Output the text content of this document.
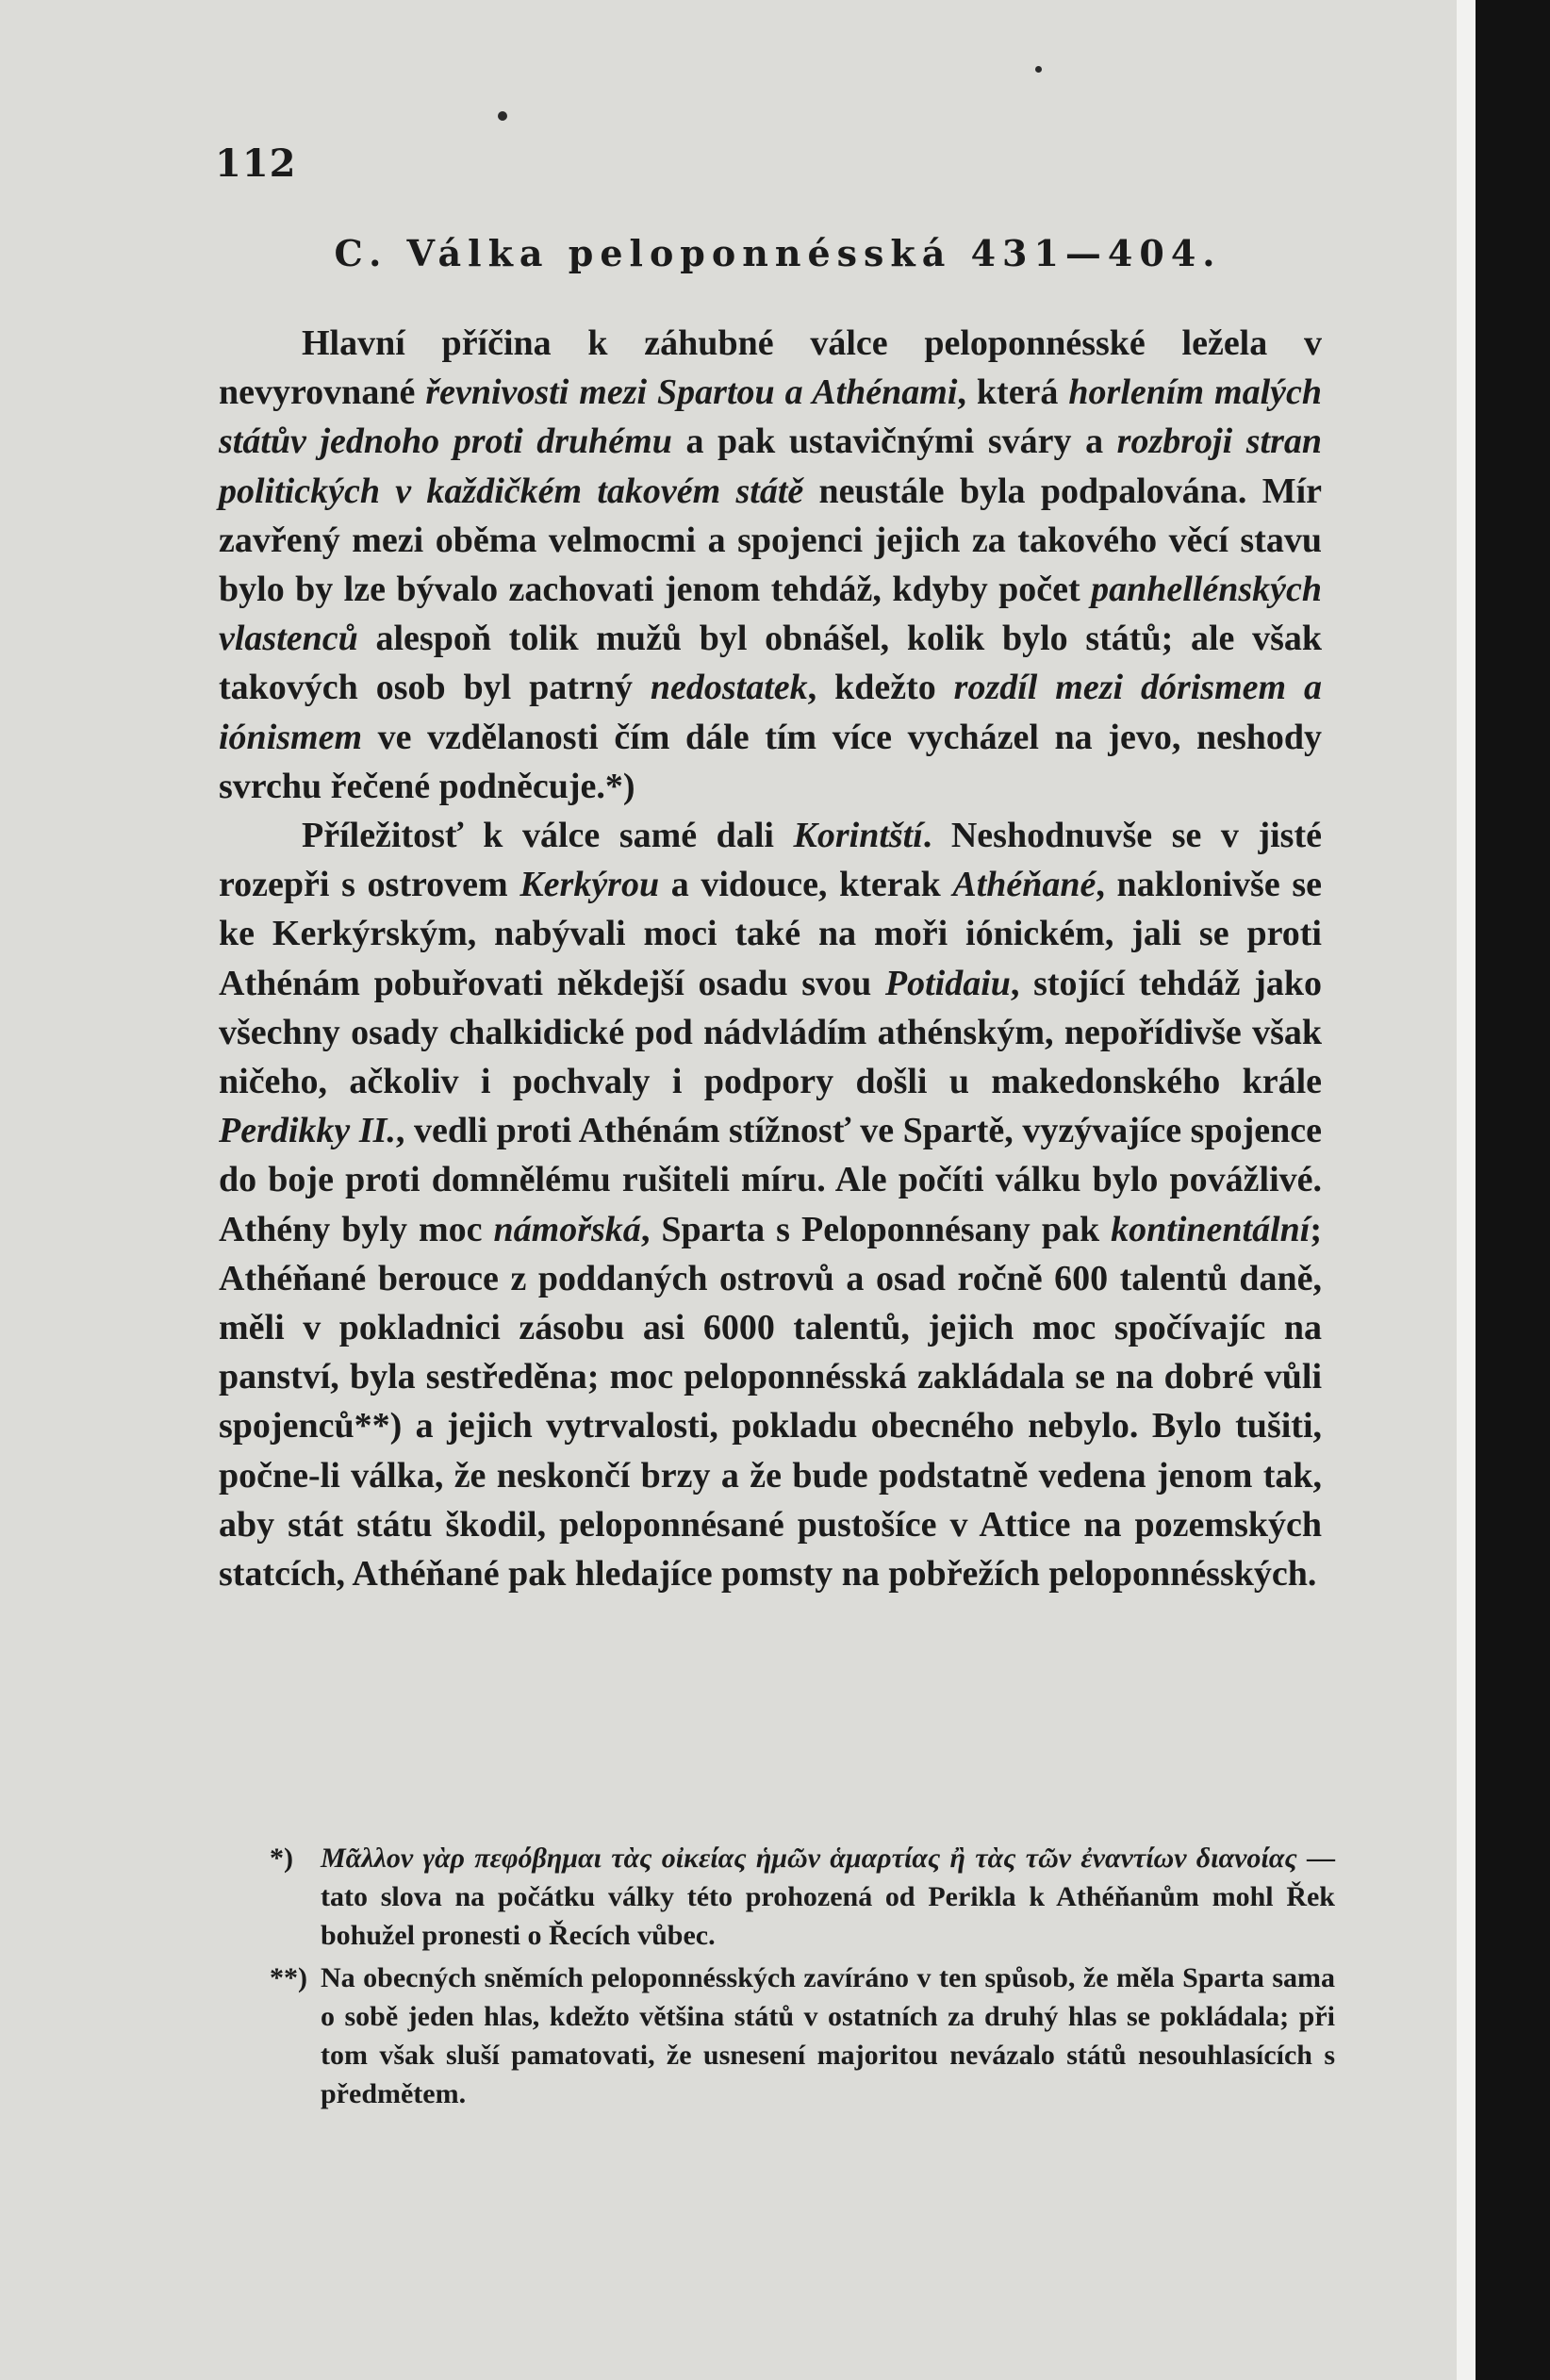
112
C. Válka peloponnésská 431—404.

Hlavní příčina k záhubné válce peloponnésské ležela v nevyrovnané řevnivosti mezi Spartou a Athénami, která horlením malých státův jednoho proti druhému a pak ustavičnými sváry a rozbroji stran politických v každičkém takovém státě neustále byla podpalována. Mír zavřený mezi oběma velmocmi a spojenci jejich za takového věcí stavu bylo by lze bývalo zachovati jenom tehdáž, kdyby počet panhellénských vlastenců alespoň tolik mužů byl obnášel, kolik bylo států; ale však takových osob byl patrný nedostatek, kdežto rozdíl mezi dórismem a iónismem ve vzdělanosti čím dále tím více vycházel na jevo, neshody svrchu řečené podněcuje.*)

Příležitosť k válce samé dali Korintští. Neshodnuvše se v jisté rozepři s ostrovem Kerkýrou a vidouce, kterak Athéňané, naklonivše se ke Kerkýrským, nabývali moci také na moři iónickém, jali se proti Athénám pobuřovati někdejší osadu svou Potidaiu, stojící tehdáž jako všechny osady chalkidické pod nádvládím athénským, nepořídivše však ničeho, ačkoliv i pochvaly i podpory došli u makedonského krále Perdikky II., vedli proti Athénám stížnosť ve Spartě, vyzývajíce spojence do boje proti domnělému rušiteli míru. Ale počíti válku bylo povážlivé. Athény byly moc námořská, Sparta s Peloponnésany pak kontinentální; Athéňané berouce z poddaných ostrovů a osad ročně 600 talentů daně, měli v pokladnici zásobu asi 6000 talentů, jejich moc spočívajíc na panství, byla sestředěna; moc peloponnésská zakládala se na dobré vůli spojenců**) a jejich vytrvalosti, pokladu obecného nebylo. Bylo tušiti, počne-li válka, že neskončí brzy a že bude podstatně vedena jenom tak, aby stát státu škodil, peloponnésané pustošíce v Attice na pozemských statcích, Athéňané pak hledajíce pomsty na pobřežích peloponnésských.

*) Μᾶλλον γὰρ πεφόβημαι τὰς οἰκείας ἡμῶν ἁμαρτίας ἢ τὰς τῶν ἐναντίων διανοίας — tato slova na počátku války této prohozená od Perikla k Athéňanům mohl Řek bohužel pronesti o Řecích vůbec.
**) Na obecných sněmích peloponnésských zavíráno v ten spůsob, že měla Sparta sama o sobě jeden hlas, kdežto většina států v ostatních za druhý hlas se pokládala; při tom však sluší pamatovati, že usnesení majoritou nevázalo států nesouhlasících s předmětem.
